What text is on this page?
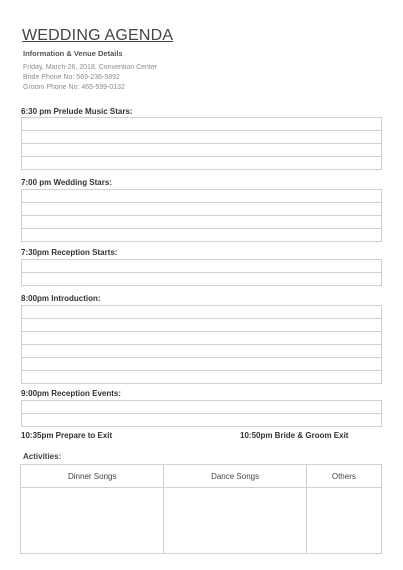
WEDDING AGENDA
Information & Venue Details
Friday, March-26, 2018, Convention Center
Bride Phone No: 569-236-5892
Groom Phone No: 465-599-0132
6:30 pm Prelude Music Stars:
7:00 pm Wedding Stars:
7:30pm Reception Starts:
8:00pm Introduction:
9:00pm Reception Events:
10:35pm Prepare to Exit	10:50pm Bride & Groom Exit
Activities:
Dinner Songs	Dance Songs	Others
